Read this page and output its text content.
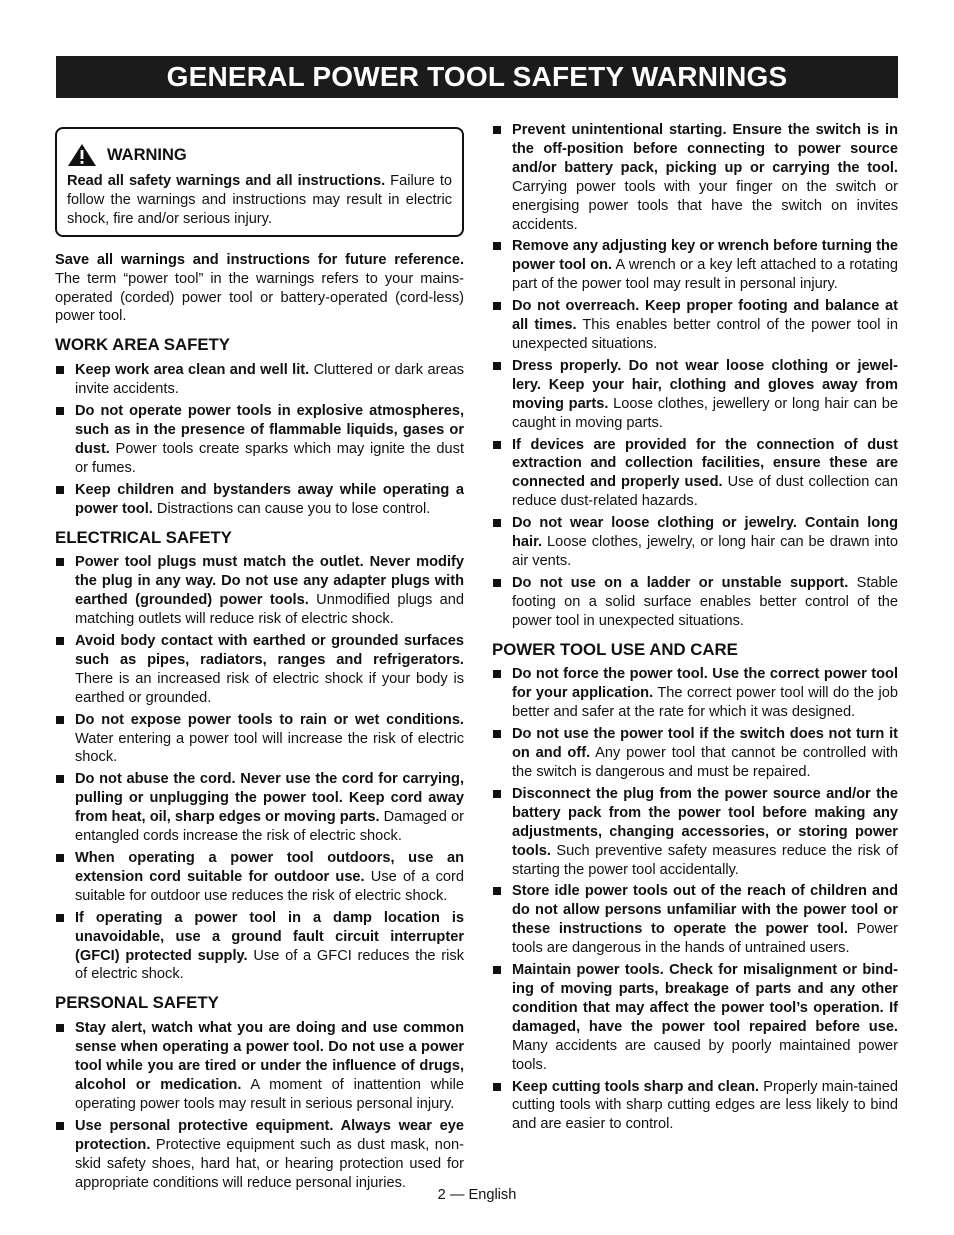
GENERAL POWER TOOL SAFETY WARNINGS
WARNING

Read all safety warnings and all instructions. Failure to follow the warnings and instructions may result in electric shock, fire and/or serious injury.

Save all warnings and instructions for future reference. The term “power tool” in the warnings refers to your mains-operated (corded) power tool or battery-operated (cord-less) power tool.

WORK AREA SAFETY
Keep work area clean and well lit. Cluttered or dark areas invite accidents.
Do not operate power tools in explosive atmospheres, such as in the presence of flammable liquids, gases or dust. Power tools create sparks which may ignite the dust or fumes.
Keep children and bystanders away while operating a power tool. Distractions can cause you to lose control.
ELECTRICAL SAFETY
Power tool plugs must match the outlet. Never modify the plug in any way. Do not use any adapter plugs with earthed (grounded) power tools. Unmodified plugs and matching outlets will reduce risk of electric shock.
Avoid body contact with earthed or grounded surfaces such as pipes, radiators, ranges and refrigerators. There is an increased risk of electric shock if your body is earthed or grounded.
Do not expose power tools to rain or wet conditions. Water entering a power tool will increase the risk of electric shock.
Do not abuse the cord. Never use the cord for carrying, pulling or unplugging the power tool. Keep cord away from heat, oil, sharp edges or moving parts. Damaged or entangled cords increase the risk of electric shock.
When operating a power tool outdoors, use an extension cord suitable for outdoor use. Use of a cord suitable for outdoor use reduces the risk of electric shock.
If operating a power tool in a damp location is unavoidable, use a ground fault circuit interrupter (GFCI) protected supply. Use of a GFCI reduces the risk of electric shock.
PERSONAL SAFETY
Stay alert, watch what you are doing and use common sense when operating a power tool. Do not use a power tool while you are tired or under the influence of drugs, alcohol or medication. A moment of inattention while operating power tools may result in serious personal injury.
Use personal protective equipment. Always wear eye protection. Protective equipment such as dust mask, non-skid safety shoes, hard hat, or hearing protection used for appropriate conditions will reduce personal injuries.
Prevent unintentional starting. Ensure the switch is in the off-position before connecting to power source and/or battery pack, picking up or carrying the tool. Carrying power tools with your finger on the switch or energising power tools that have the switch on invites accidents.
Remove any adjusting key or wrench before turning the power tool on. A wrench or a key left attached to a rotating part of the power tool may result in personal injury.
Do not overreach. Keep proper footing and balance at all times. This enables better control of the power tool in unexpected situations.
Dress properly. Do not wear loose clothing or jewel-lery. Keep your hair, clothing and gloves away from moving parts. Loose clothes, jewellery or long hair can be caught in moving parts.
If devices are provided for the connection of dust extraction and collection facilities, ensure these are connected and properly used. Use of dust collection can reduce dust-related hazards.
Do not wear loose clothing or jewelry. Contain long hair. Loose clothes, jewelry, or long hair can be drawn into air vents.
Do not use on a ladder or unstable support. Stable footing on a solid surface enables better control of the power tool in unexpected situations.
POWER TOOL USE AND CARE
Do not force the power tool. Use the correct power tool for your application. The correct power tool will do the job better and safer at the rate for which it was designed.
Do not use the power tool if the switch does not turn it on and off. Any power tool that cannot be controlled with the switch is dangerous and must be repaired.
Disconnect the plug from the power source and/or the battery pack from the power tool before making any adjustments, changing accessories, or storing power tools. Such preventive safety measures reduce the risk of starting the power tool accidentally.
Store idle power tools out of the reach of children and do not allow persons unfamiliar with the power tool or these instructions to operate the power tool. Power tools are dangerous in the hands of untrained users.
Maintain power tools. Check for misalignment or bind-ing of moving parts, breakage of parts and any other condition that may affect the power tool’s operation. If damaged, have the power tool repaired before use. Many accidents are caused by poorly maintained power tools.
Keep cutting tools sharp and clean. Properly main-tained cutting tools with sharp cutting edges are less likely to bind and are easier to control.
2 — English
